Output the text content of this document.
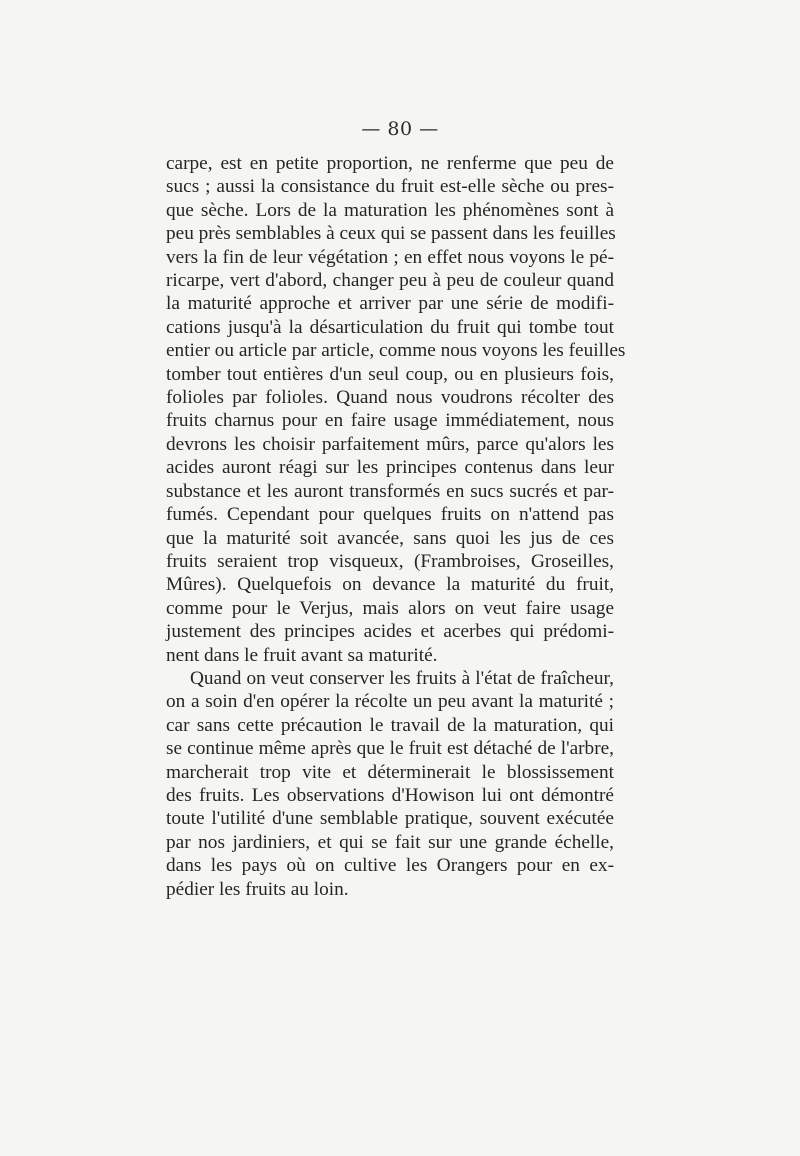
— 80 —
carpe, est en petite proportion, ne renferme que peu de
sucs ; aussi la consistance du fruit est-elle sèche ou pres-
que sèche. Lors de la maturation les phénomènes sont à
peu près semblables à ceux qui se passent dans les feuilles
vers la fin de leur végétation ; en effet nous voyons le pé-
ricarpe, vert d'abord, changer peu à peu de couleur quand
la maturité approche et arriver par une série de modifi-
cations jusqu'à la désarticulation du fruit qui tombe tout
entier ou article par article, comme nous voyons les feuilles
tomber tout entières d'un seul coup, ou en plusieurs fois,
folioles par folioles. Quand nous voudrons récolter des
fruits charnus pour en faire usage immédiatement, nous
devrons les choisir parfaitement mûrs, parce qu'alors les
acides auront réagi sur les principes contenus dans leur
substance et les auront transformés en sucs sucrés et par-
fumés. Cependant pour quelques fruits on n'attend pas
que la maturité soit avancée, sans quoi les jus de ces
fruits seraient trop visqueux, (Frambroises, Groseilles,
Mûres). Quelquefois on devance la maturité du fruit,
comme pour le Verjus, mais alors on veut faire usage
justement des principes acides et acerbes qui prédomi-
nent dans le fruit avant sa maturité.
Quand on veut conserver les fruits à l'état de fraîcheur,
on a soin d'en opérer la récolte un peu avant la maturité ;
car sans cette précaution le travail de la maturation, qui
se continue même après que le fruit est détaché de l'arbre,
marcherait trop vite et déterminerait le blossissement
des fruits. Les observations d'Howison lui ont démontré
toute l'utilité d'une semblable pratique, souvent exécutée
par nos jardiniers, et qui se fait sur une grande échelle,
dans les pays où on cultive les Orangers pour en ex-
pédier les fruits au loin.
